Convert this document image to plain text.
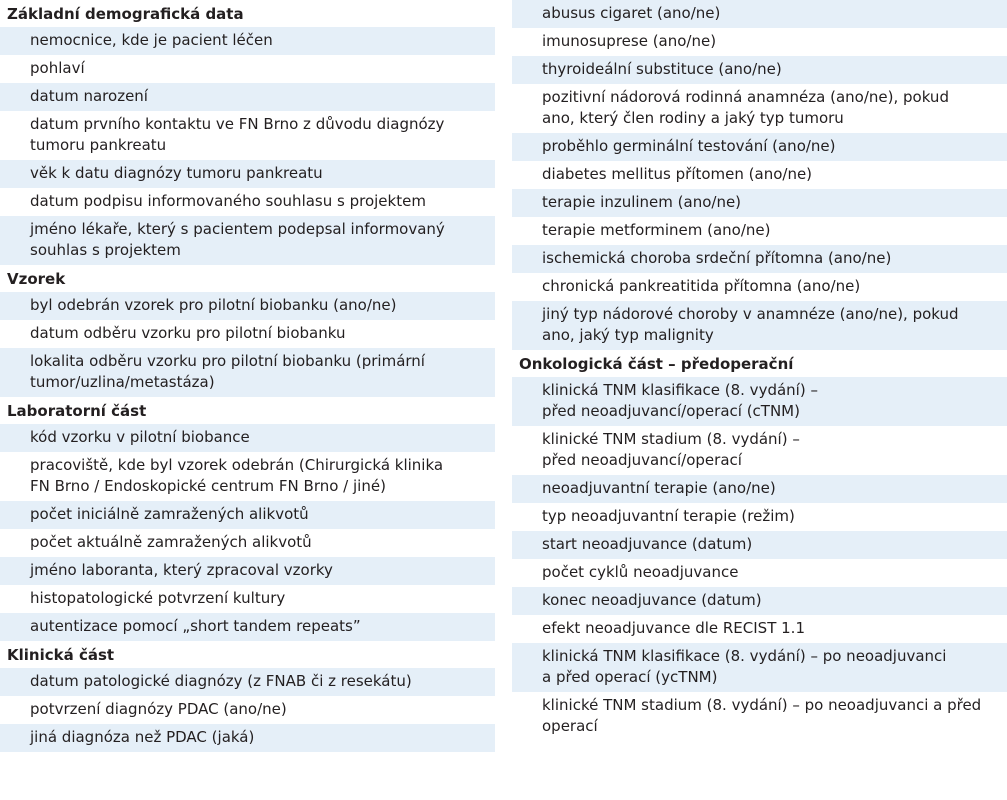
Základní demografická data
nemocnice, kde je pacient léčen
pohlaví
datum narození
datum prvního kontaktu ve FN Brno z důvodu diagnózy
tumoru pankreatu
věk k datu diagnózy tumoru pankreatu
datum podpisu informovaného souhlasu s projektem
jméno lékaře, který s pacientem podepsal informovaný
souhlas s projektem
Vzorek
byl odebrán vzorek pro pilotní biobanku (ano/ne)
datum odběru vzorku pro pilotní biobanku
lokalita odběru vzorku pro pilotní biobanku (primární
tumor/uzlina/metastáza)
Laboratorní část
kód vzorku v pilotní biobance
pracoviště, kde byl vzorek odebrán (Chirurgická klinika
FN Brno / Endoskopické centrum FN Brno / jiné)
počet iniciálně zamražených alikvotů
počet aktuálně zamražených alikvotů
jméno laboranta, který zpracoval vzorky
histopatologické potvrzení kultury
autentizace pomocí „short tandem repeats”
Klinická část
datum patologické diagnózy (z FNAB či z resekátu)
potvrzení diagnózy PDAC (ano/ne)
jiná diagnóza než PDAC (jaká)
abusus cigaret (ano/ne)
imunosuprese (ano/ne)
thyroideální substituce (ano/ne)
pozitivní nádorová rodinná anamnéza (ano/ne), pokud
ano, který člen rodiny a jaký typ tumoru
proběhlo germinální testování (ano/ne)
diabetes mellitus přítomen (ano/ne)
terapie inzulinem (ano/ne)
terapie metforminem (ano/ne)
ischemická choroba srdeční přítomna (ano/ne)
chronická pankreatitida přítomna (ano/ne)
jiný typ nádorové choroby v anamnéze (ano/ne), pokud
ano, jaký typ malignity
Onkologická část – předoperační
klinická TNM klasifikace (8. vydání) –
před neoadjuvancí/operací (cTNM)
klinické TNM stadium (8. vydání) –
před neoadjuvancí/operací
neoadjuvantní terapie (ano/ne)
typ neoadjuvantní terapie (režim)
start neoadjuvance (datum)
počet cyklů neoadjuvance
konec neoadjuvance (datum)
efekt neoadjuvance dle RECIST 1.1
klinická TNM klasifikace (8. vydání) – po neoadjuvanci
a před operací (ycTNM)
klinické TNM stadium (8. vydání) – po neoadjuvanci a před
operací
